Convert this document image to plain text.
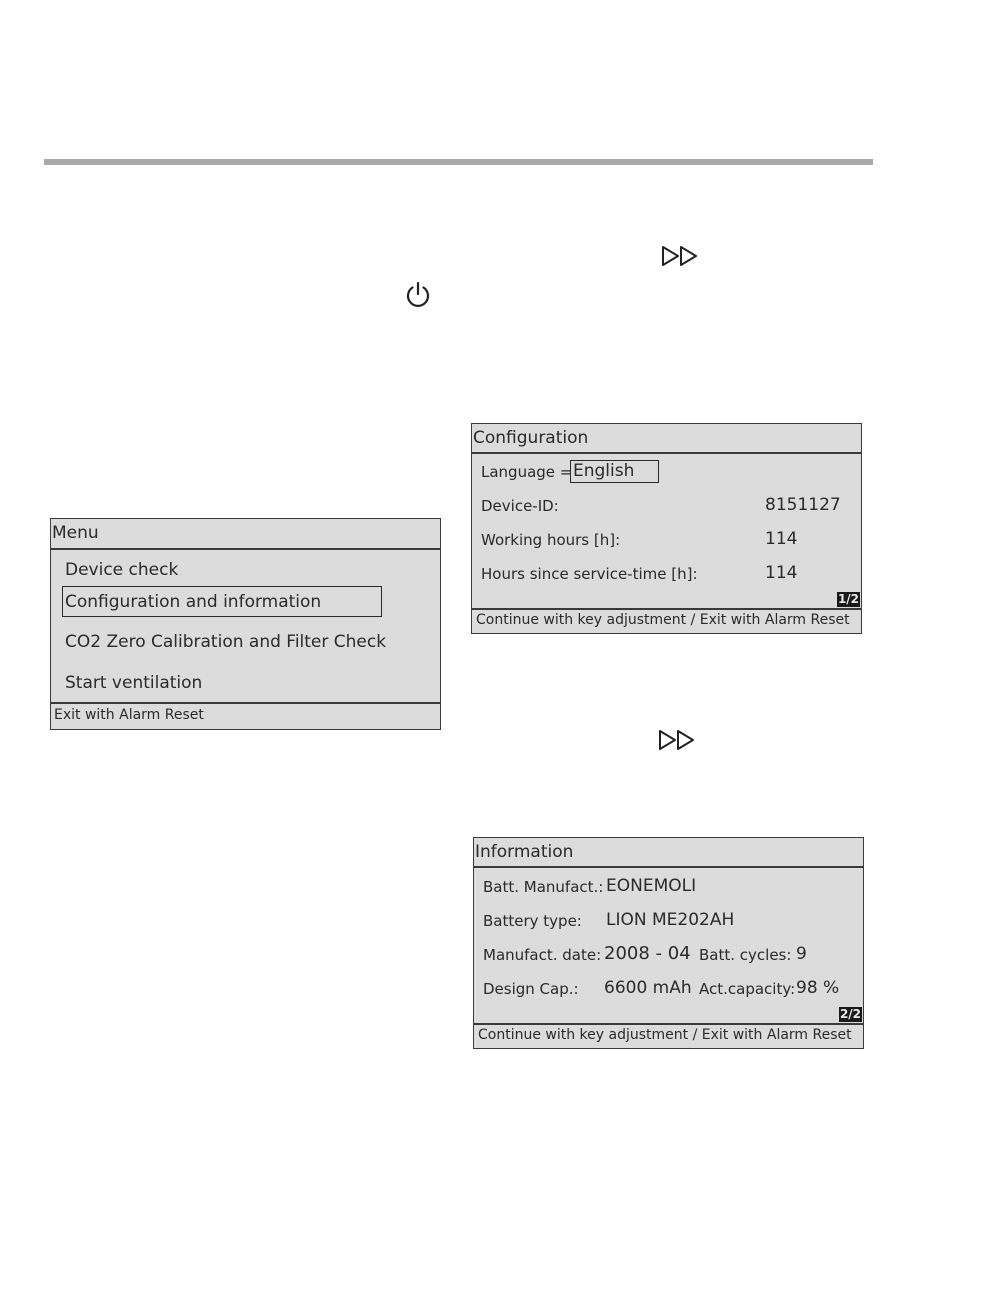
Menu
Device check
Configuration and information
CO2 Zero Calibration and Filter Check
Start ventilation
Exit with Alarm Reset
Configuration
Language = English
Device-ID:	8151127
Working hours [h]:	114
Hours since service-time [h]:	114
1/2
Continue with key adjustment / Exit with Alarm Reset
Information
Batt. Manufact.: EONEMOLI
Battery type: LION ME202AH
Manufact. date: 2008 - 04 Batt. cycles: 9
Design Cap.: 6600 mAh Act.capacity: 98 %
2/2
Continue with key adjustment / Exit with Alarm Reset
